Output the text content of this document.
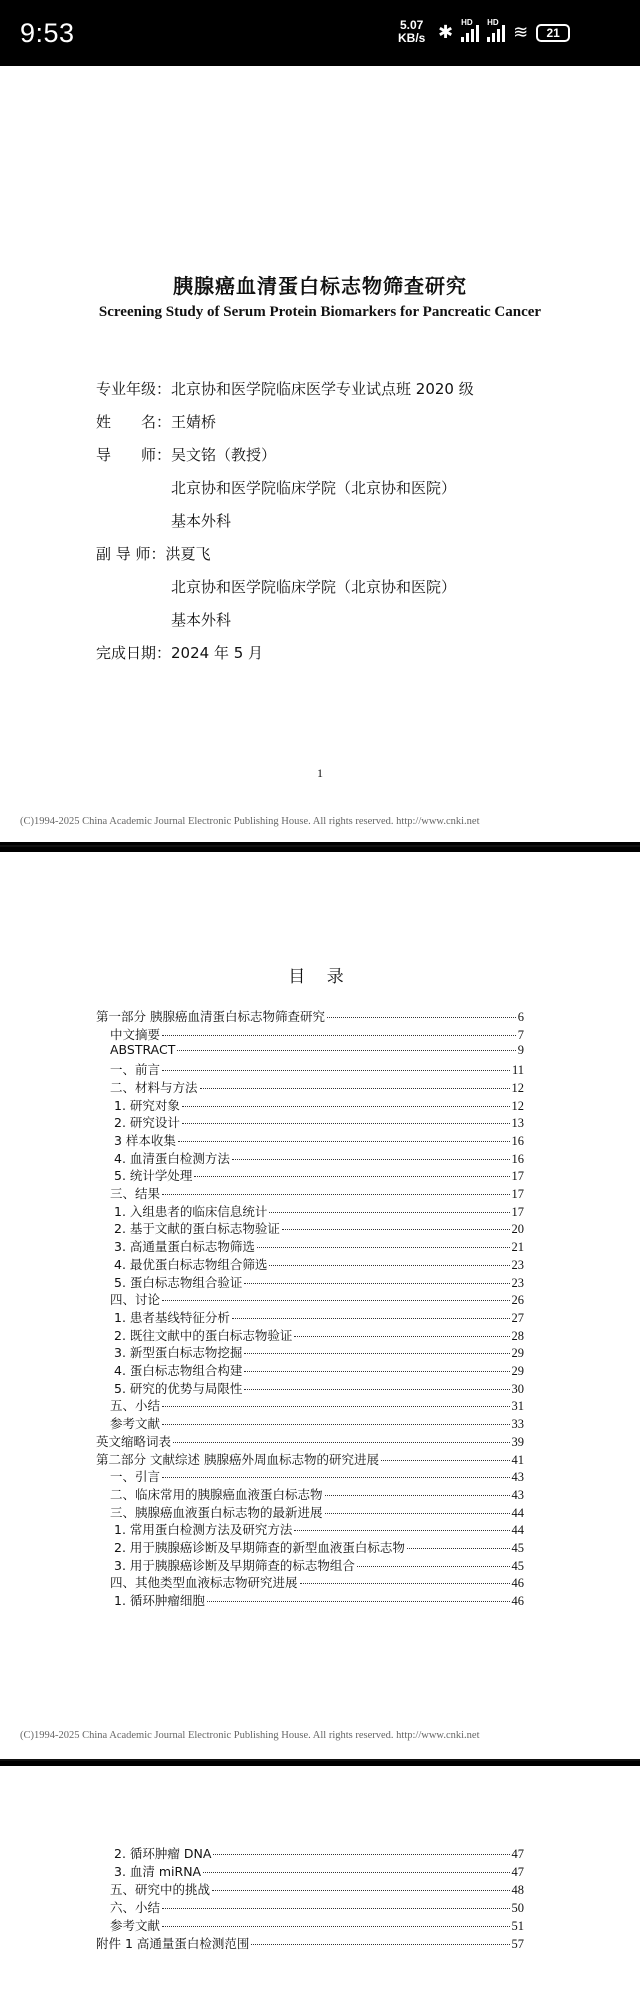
9:53	5.07
KB/s ✱ HD HD ≋ 21
胰腺癌血清蛋白标志物筛查研究
Screening Study of Serum Protein Biomarkers for Pancreatic Cancer
专业年级：北京协和医学院临床医学专业试点班 2020 级
姓　　名：王婧桥
导　　师：吴文铭（教授）
　　　　　北京协和医学院临床学院（北京协和医院）
　　　　　基本外科
副 导 师：洪夏飞
　　　　　北京协和医学院临床学院（北京协和医院）
　　　　　基本外科
完成日期：2024 年 5 月
1
(C)1994-2025 China Academic Journal Electronic Publishing House. All rights reserved. http://www.cnki.net
目 录
第一部分 胰腺癌血清蛋白标志物筛查研究	6
中文摘要	7
ABSTRACT	9
一、前言	11
二、材料与方法	12
1. 研究对象	12
2. 研究设计	13
3 样本收集	16
4. 血清蛋白检测方法	16
5. 统计学处理	17
三、结果	17
1. 入组患者的临床信息统计	17
2. 基于文献的蛋白标志物验证	20
3. 高通量蛋白标志物筛选	21
4. 最优蛋白标志物组合筛选	23
5. 蛋白标志物组合验证	23
四、讨论	26
1. 患者基线特征分析	27
2. 既往文献中的蛋白标志物验证	28
3. 新型蛋白标志物挖掘	29
4. 蛋白标志物组合构建	29
5. 研究的优势与局限性	30
五、小结	31
参考文献	33
英文缩略词表	39
第二部分 文献综述 胰腺癌外周血标志物的研究进展	41
一、引言	43
二、临床常用的胰腺癌血液蛋白标志物	43
三、胰腺癌血液蛋白标志物的最新进展	44
1. 常用蛋白检测方法及研究方法	44
2. 用于胰腺癌诊断及早期筛查的新型血液蛋白标志物	45
3. 用于胰腺癌诊断及早期筛查的标志物组合	45
四、其他类型血液标志物研究进展	46
1. 循环肿瘤细胞	46
(C)1994-2025 China Academic Journal Electronic Publishing House. All rights reserved. http://www.cnki.net
2. 循环肿瘤 DNA	47
3. 血清 miRNA	47
五、研究中的挑战	48
六、小结	50
参考文献	51
附件 1 高通量蛋白检测范围	57
